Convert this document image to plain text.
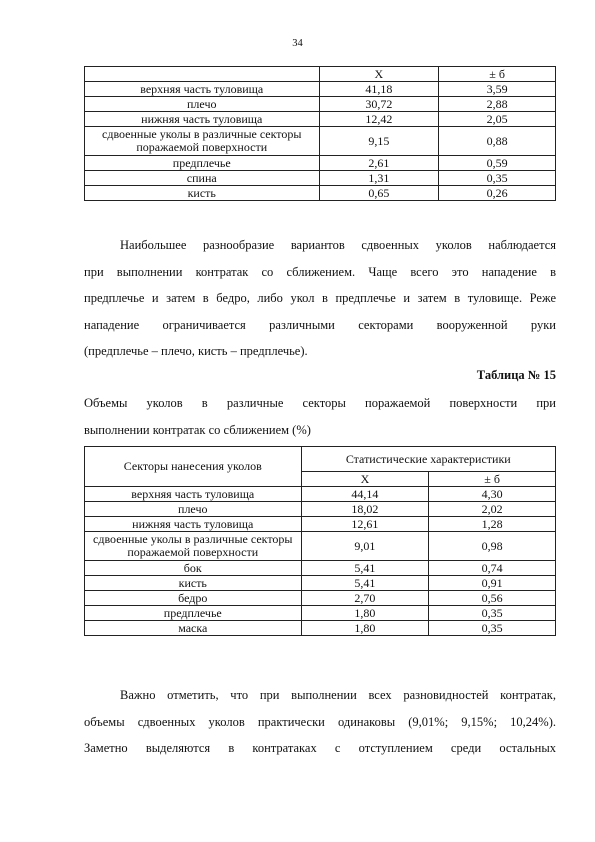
34
	X	± б
верхняя часть туловища	41,18	3,59
плечо	30,72	2,88
нижняя часть туловища	12,42	2,05
сдвоенные уколы в различные секторы поражаемой поверхности	9,15	0,88
предплечье	2,61	0,59
спина	1,31	0,35
кисть	0,65	0,26
Наибольшее разнообразие вариантов сдвоенных уколов наблюдается
при выполнении контратак со сближением. Чаще всего это нападение в
предплечье и затем в бедро, либо укол в предплечье и затем в туловище. Реже
нападение ограничивается различными секторами вооруженной руки
(предплечье – плечо, кисть – предплечье).
Таблица № 15
Объемы уколов в различные секторы поражаемой поверхности при
выполнении контратак со сближением (%)
Секторы нанесения уколов	Статистические характеристики	
	X	± б
верхняя часть туловища	44,14	4,30
плечо	18,02	2,02
нижняя часть туловища	12,61	1,28
сдвоенные уколы в различные секторы поражаемой поверхности	9,01	0,98
бок	5,41	0,74
кисть	5,41	0,91
бедро	2,70	0,56
предплечье	1,80	0,35
маска	1,80	0,35
Важно отметить, что при выполнении всех разновидностей контратак,
объемы сдвоенных уколов практически одинаковы (9,01%; 9,15%; 10,24%).
Заметно выделяются в контратаках с отступлением среди остальных
